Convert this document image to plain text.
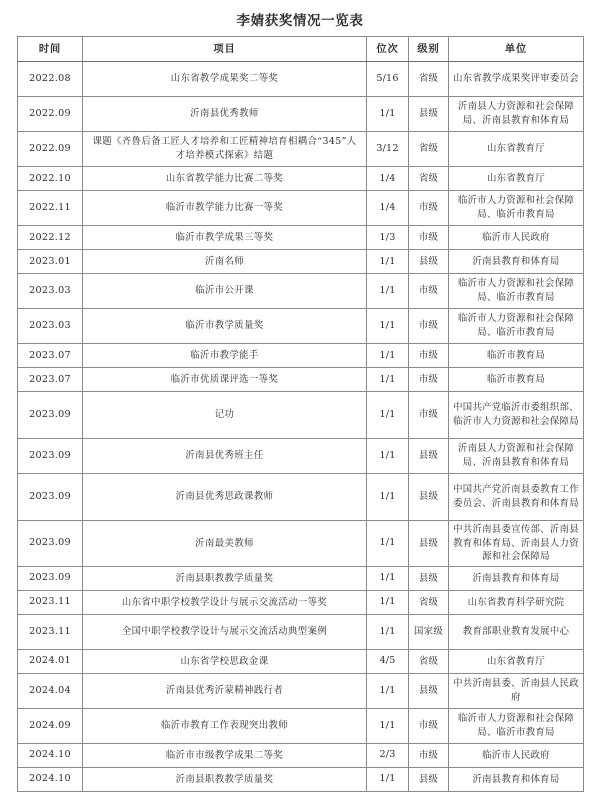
李婧获奖情况一览表
时间	项目	位次	级别	单位
2022.08	山东省教学成果奖二等奖	5/16	省级	山东省教学成果奖评审委员会
2022.09	沂南县优秀教师	1/1	县级	沂南县人力资源和社会保障局、沂南县教育和体育局
2022.09	课题《齐鲁后备工匠人才培养和工匠精神培育相耦合“345”人才培养模式探索》结题	3/12	省级	山东省教育厅
2022.10	山东省教学能力比赛二等奖	1/4	省级	山东省教育厅
2022.11	临沂市教学能力比赛一等奖	1/4	市级	临沂市人力资源和社会保障局、临沂市教育局
2022.12	临沂市教学成果三等奖	1/3	市级	临沂市人民政府
2023.01	沂南名师	1/1	县级	沂南县教育和体育局
2023.03	临沂市公开课	1/1	市级	临沂市人力资源和社会保障局、临沂市教育局
2023.03	临沂市教学质量奖	1/1	市级	临沂市人力资源和社会保障局、临沂市教育局
2023.07	临沂市教学能手	1/1	市级	临沂市教育局
2023.07	临沂市优质课评选一等奖	1/1	市级	临沂市教育局
2023.09	记功	1/1	市级	中国共产党临沂市委组织部、临沂市人力资源和社会保障局
2023.09	沂南县优秀班主任	1/1	县级	沂南县人力资源和社会保障局、沂南县教育和体育局
2023.09	沂南县优秀思政课教师	1/1	县级	中国共产党沂南县委教育工作委员会、沂南县教育和体育局
2023.09	沂南最美教师	1/1	县级	中共沂南县委宣传部、沂南县教育和体育局、沂南县人力资源和社会保障局
2023.09	沂南县职教教学质量奖	1/1	县级	沂南县教育和体育局
2023.11	山东省中职学校教学设计与展示交流活动一等奖	1/1	省级	山东省教育科学研究院
2023.11	全国中职学校教学设计与展示交流活动典型案例	1/1	国家级	教育部职业教育发展中心
2024.01	山东省学校思政金课	4/5	省级	山东省教育厅
2024.04	沂南县优秀沂蒙精神践行者	1/1	县级	中共沂南县委、沂南县人民政府
2024.09	临沂市教育工作表现突出教师	1/1	市级	临沂市人力资源和社会保障局、临沂市教育局
2024.10	临沂市市级教学成果二等奖	2/3	市级	临沂市人民政府
2024.10	沂南县职教教学质量奖	1/1	县级	沂南县教育和体育局
